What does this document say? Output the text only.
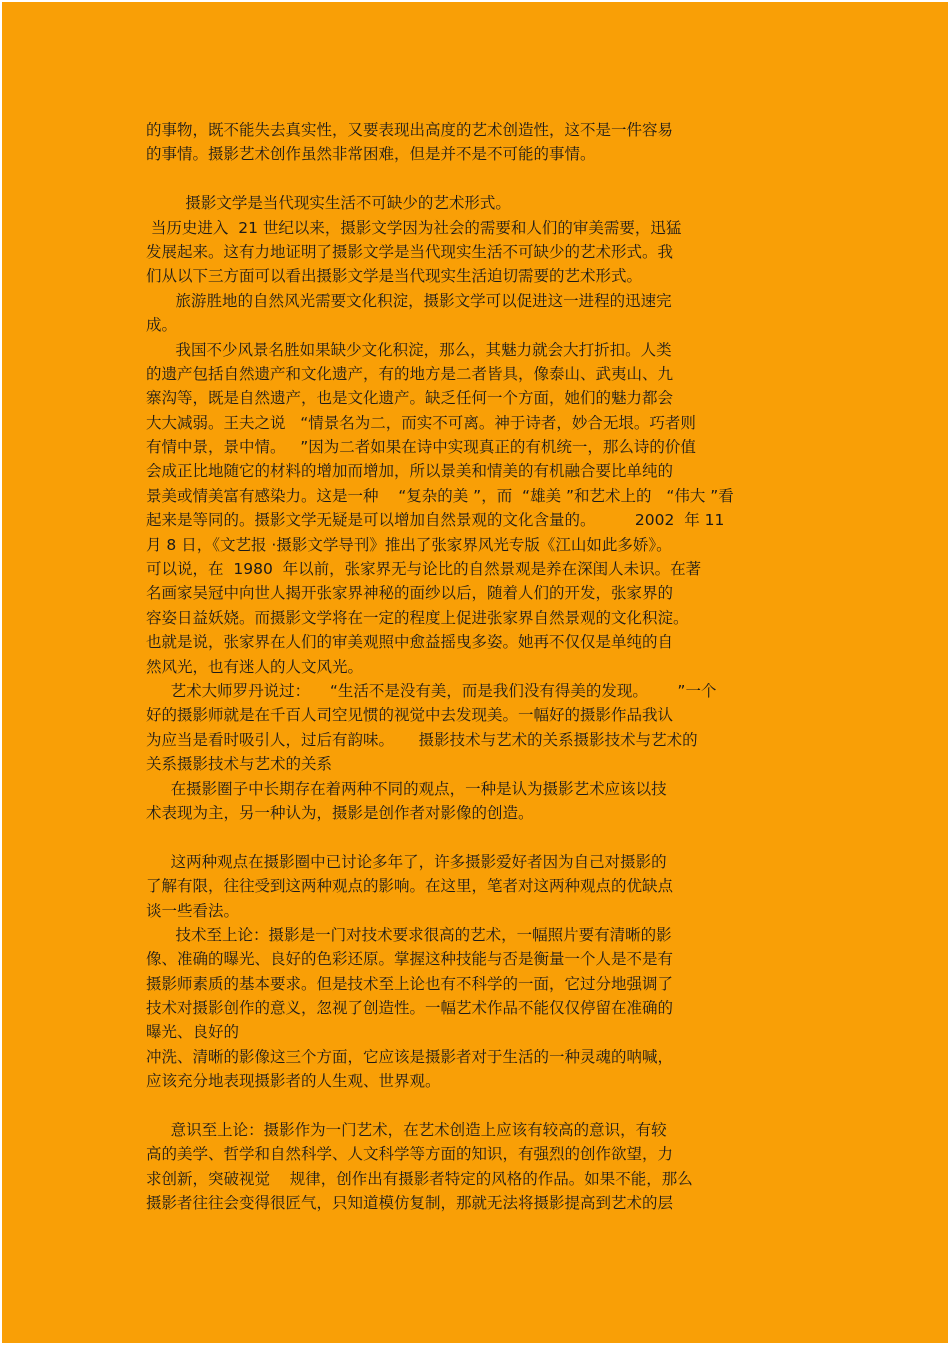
的事物，既不能失去真实性，又要表现出高度的艺术创造性，这不是一件容易
的事情。摄影艺术创作虽然非常困难，但是并不是不可能的事情。
摄影文学是当代现实生活不可缺少的艺术形式。
当历史进入  21 世纪以来，摄影文学因为社会的需要和人们的审美需要，迅猛
发展起来。这有力地证明了摄影文学是当代现实生活不可缺少的艺术形式。我
们从以下三方面可以看出摄影文学是当代现实生活迫切需要的艺术形式。
旅游胜地的自然风光需要文化积淀，摄影文学可以促进这一进程的迅速完
成。
我国不少风景名胜如果缺少文化积淀，那么，其魅力就会大打折扣。人类
的遗产包括自然遗产和文化遗产，有的地方是二者皆具，像泰山、武夷山、九
寨沟等，既是自然遗产，也是文化遗产。缺乏任何一个方面，她们的魅力都会
大大减弱。王夫之说   “情景名为二，而实不可离。神于诗者，妙合无垠。巧者则
有情中景，景中情。   ”因为二者如果在诗中实现真正的有机统一，那么诗的价值
会成正比地随它的材料的增加而增加，所以景美和情美的有机融合要比单纯的
景美或情美富有感染力。这是一种    “复杂的美 ”，而  “雄美 ”和艺术上的   “伟大 ”看
起来是等同的。摄影文学无疑是可以增加自然景观的文化含量的。        2002  年 11
月 8 日，《文艺报 ·摄影文学导刊》推出了张家界风光专版《江山如此多娇》。
可以说，在  1980  年以前，张家界无与论比的自然景观是养在深闺人未识。在著
名画家吴冠中向世人揭开张家界神秘的面纱以后，随着人们的开发，张家界的
容姿日益妖娆。而摄影文学将在一定的程度上促进张家界自然景观的文化积淀。
也就是说，张家界在人们的审美观照中愈益摇曳多姿。她再不仅仅是单纯的自
然风光，也有迷人的人文风光。
艺术大师罗丹说过：    “生活不是没有美，而是我们没有得美的发现。      ”一个
好的摄影师就是在千百人司空见惯的视觉中去发现美。一幅好的摄影作品我认
为应当是看时吸引人，过后有韵味。     摄影技术与艺术的关系摄影技术与艺术的
关系摄影技术与艺术的关系
在摄影圈子中长期存在着两种不同的观点，一种是认为摄影艺术应该以技
术表现为主，另一种认为，摄影是创作者对影像的创造。
这两种观点在摄影圈中已讨论多年了，许多摄影爱好者因为自己对摄影的
了解有限，往往受到这两种观点的影响。在这里，笔者对这两种观点的优缺点
谈一些看法。
技术至上论：摄影是一门对技术要求很高的艺术，一幅照片要有清晰的影
像、准确的曝光、良好的色彩还原。掌握这种技能与否是衡量一个人是不是有
摄影师素质的基本要求。但是技术至上论也有不科学的一面，它过分地强调了
技术对摄影创作的意义，忽视了创造性。一幅艺术作品不能仅仅停留在准确的
曝光、良好的
冲洗、清晰的影像这三个方面，它应该是摄影者对于生活的一种灵魂的呐喊，
应该充分地表现摄影者的人生观、世界观。
意识至上论：摄影作为一门艺术，在艺术创造上应该有较高的意识，有较
高的美学、哲学和自然科学、人文科学等方面的知识，有强烈的创作欲望，力
求创新，突破视觉    规律，创作出有摄影者特定的风格的作品。如果不能，那么
摄影者往往会变得很匠气，只知道模仿复制，那就无法将摄影提高到艺术的层
